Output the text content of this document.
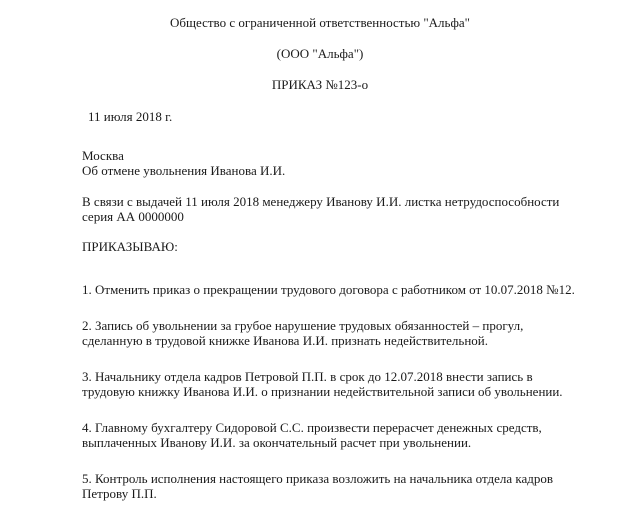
Общество с ограниченной ответственностью "Альфа"
(ООО "Альфа")
ПРИКАЗ №123-о
11 июля 2018 г.
Москва
Об отмене увольнения Иванова И.И.
В связи с выдачей 11 июля 2018 менеджеру Иванову И.И. листка нетрудоспособности
серия АА 0000000
ПРИКАЗЫВАЮ:
1. Отменить приказ о прекращении трудового договора с работником от 10.07.2018 №12.
2. Запись об увольнении за грубое нарушение трудовых обязанностей – прогул,
сделанную в трудовой книжке Иванова И.И. признать недействительной.
3. Начальнику отдела кадров Петровой П.П. в срок до 12.07.2018 внести запись в
трудовую книжку Иванова И.И. о признании недействительной записи об увольнении.
4. Главному бухгалтеру Сидоровой С.С. произвести перерасчет денежных средств,
выплаченных Иванову И.И. за окончательный расчет при увольнении.
5. Контроль исполнения настоящего приказа возложить на начальника отдела кадров
Петрову П.П.
